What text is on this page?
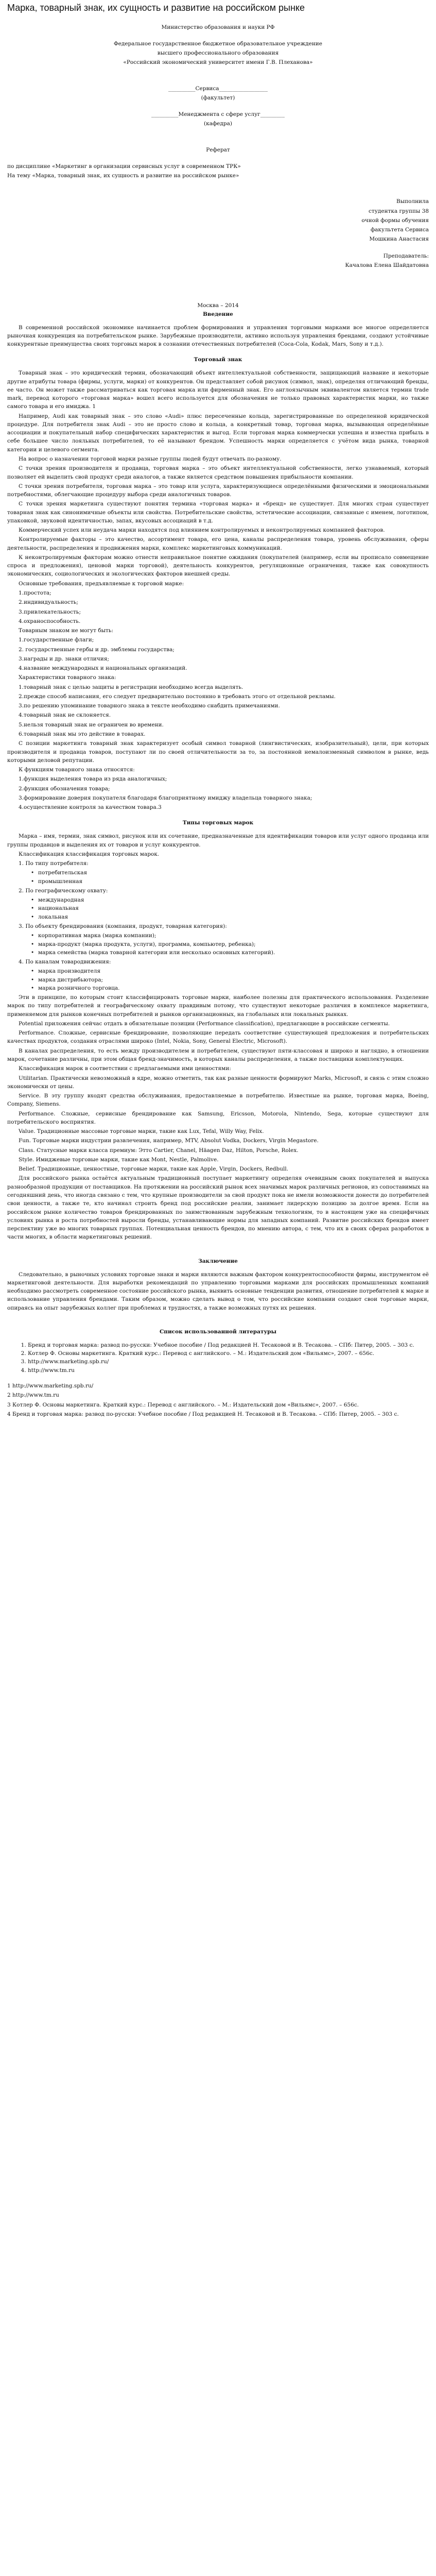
Марка, товарный знак, их сущность и развитие на российском рынке

Министерство образования и науки РФ

Федеральное государственное бюджетное образовательное учреждение

высшего профессионального образования

«Российский экономический университет имени Г.В. Плеханова»

__________Сервиса__________________

(факультет)

__________Менеджмента с сфере услуг_________

(кафедра)

Реферат

по дисциплине «Маркетинг в организации сервисных услуг в современном ТРК»

На тему «Марка, товарный знак, их сущность и развитие на российском рынке»

Выполнила

студентка группы 38

очной формы обучения

факультета Сервиса

Мошкина Анастасия

Преподаватель:

Качалова Елена Шайдатовна

Москва – 2014

Введение

В современной российской экономике начинается проблем формирования и управления торговыми марками все многое определяется рыночная конкуренция на потребительском рынке. Зарубежные производители, активно используя управления брендами, создают устойчивые конкурентные преимущества своих торговых марок в сознании отечественных потребителей (Coca-Cola, Kodak, Mars, Sony и т.д.).

Торговый знак

Товарный знак – это юридический термин, обозначающий объект интеллектуальной собственности, защищающий название и некоторые другие атрибуты товара (фирмы, услуги, марки) от конкурентов. Он представляет собой рисунок (символ, знак), определяя отличающий бренды, ее часто. Он может также рассматриваться как торговая марка или фирменный знак. Его англоязычным эквивалентом является термин trade mark, перевод которого «торговая марка» вошел всего используется для обозначения не только правовых характеристик марки, но также самого товара и его имиджа. 1

Например, Audi как товарный знак – это слово «Audi» плюс пересеченные кольца, зарегистрированные по определенной юридической процедуре. Для потребителя знак Audi – это не просто слово и кольца, а конкретный товар, торговая марка, вызывающая определённые ассоциации и покупательный набор специфических характеристик и выгод. Если торговая марка коммерчески успешна и известна прибыль в себе большее число лояльных потребителей, то её называют брендом. Успешность марки определяется с учётом вида рынка, товарной категории и целевого сегмента.

На вопрос о назначении торговой марки разные группы людей будут отвечать по-разному.

С точки зрения производителя и продавца, торговая марка – это объект интеллектуальной собственности, легко узнаваемый, который позволяет ей выделить свой продукт среди аналогов, а также является средством повышения прибыльности компании.

С точки зрения потребителя, торговая марка – это товар или услуга, характеризующиеся определёнными физическими и эмоциональными потребностями, облегчающие процедуру выбора среди аналогичных товаров.

С точки зрения маркетинга существуют понятия термина «торговая марка» и «бренд» не существует. Для многих стран существует товарная знак как синонимичные объекты или свойства. Потребительские свойства, эстетические ассоциации, связанные с именем, логотипом, упаковкой, звуковой идентичностью, запах, вкусовых ассоциаций в т.д.

Коммерческий успех или неудача марки находятся под влиянием контролируемых и неконтролируемых компанией факторов.

Контролируемые факторы – это качество, ассортимент товара, его цена, каналы распределения товара, уровень обслуживания, сферы деятельности, распределения и продвижения марки, комплекс маркетинговых коммуникаций.

К неконтролируемым факторам можно отнести неправильное понятие ожидания (покупателей (например, если вы прописало совмещение спроса и предложения), ценовой марки торговой), деятельность конкурентов, регуляционные ограничения, также как совокупность экономических, социологических и экологических факторов внешней среды.

Основные требования, предъявляемые к торговой марке:

1.простота;

2.индивидуальность;

3.привлекательность;

4.охраноспособность.

Товарным знаком не могут быть:

1.государственные флаги;

2. государственные гербы и др. эмблемы государства;

3.награды и др. знаки отличия;

4.название международных и национальных организаций.

Характеристики товарного знака:

1.товарный знак с целью защиты в регистрации необходимо всегда выделять.

2.прежде способ написания, его следует предварительно постоянно в требовать этого от отдельной рекламы.

3.по решению упоминание товарного знака в тексте необходимо снабдить примечаниями.

4.товарный знак не склоняется.

5.нельзя товарный знак не ограничен во времени.

6.товарный знак мы это действие в товарах.

С позиции маркетинга товарный знак характеризует особый символ товарной (лингвистических, изобразительный), цели, при которых производителя и продавца товаров, поступают ли по своей отличительности за то, за постоянной немалоизменный символом в рынке, ведь которыми деловой репутации.

К функциям товарного знака относятся:

1.функция выделения товара из ряда аналогичных;

2.функция обозначения товара;

3.формирование доверия покупателя благодаря благоприятному имиджу владельца товарного знака;

4.осуществление контроля за качеством товара.3

Типы торговых марок

Марка – имя, термин, знак символ, рисунок или их сочетание, предназначенные для идентификации товаров или услуг одного продавца или группы продавцов и выделения их от товаров и услуг конкурентов.

Классификация классификация торговых марок.

1. По типу потребителя:

• потребительская
• промышленная

2. По географическому охвату:

• международная
• национальная
• локальная

3. По объекту брендирования (компания, продукт, товарная категория):

• корпоративная марка (марка компании);
• марка-продукт (марка продукта, услуги), программа, компьютер, ребенка);
• марка семейства (марка товарной категории или несколько основных категорий).

4. По каналам товародвижения:

• марка производителя
• марка дистрибьютора;
• марка розничного торговца.

Эти в принципе, по которым стоит классифицировать торговые марки, наиболее полезны для практического использования. Разделение марок по типу потребителей и географическому охвату правдивым потому, что существуют некоторые различия в комплексе маркетинга, применяемом для рынков конечных потребителей и рынков организационных, на глобальных или локальных рынках.

Potential приложения сейчас отдать в обязательные позиции (Performance classification), предлагающие в российские сегменты.

Performance. Сложные, сервисные брендирование, позволяющие передать соответствие существующей предложения и потребительских качествах продуктов, создания отраслями широко (Intel, Nokia, Sony, General Electric, Microsoft).

В каналах распределения, то есть между производителем и потребителем, существуют пяти-классовая и широко и наглядно, в отношении марок, сочетание различны, при этом общая бренд-значимость, в которых каналы распределения, а также поставщики комплектующих.

Классификация марок в соответствии с предлагаемыми ими ценностями:

Utilitarian. Практически невозможный в ядре, можно отметить, так как разные ценности формируют Marks, Microsoft, и связь с этим сложно экономически от цены.

Service. В эту группу входят средства обслуживания, предоставляемые в потребителю. Известные на рынке, торговая марка, Boeing, Company, Siemens.

Performance. Сложные, сервисные брендирование как Samsung, Ericsson, Motorola, Nintendo, Sega, которые существуют для потребительского восприятия.

Value. Традиционные массовые торговые марки, такие как Lux, Tefal, Willy Way, Felix.

Fun. Торговые марки индустрии развлечения, например, MTV, Absolut Vodka, Dockers, Virgin Megastore.

Class. Статусные марки класса премиум: Этто Cartier, Chanel, Häagen Daz, Hilton, Porsche, Rolex.

Style. Имиджевые торговые марки, такие как Mont, Nestle, Palmolive.

Belief. Традиционные, ценностные, торговые марки, такие как Apple, Virgin, Dockers, Redbull.

Для российского рынка остаётся актуальным традиционный поступает маркетингу определяя очевидным своих покупателей и выпуска разнообразной продукции от поставщиков. На протяжении на российский рынок всех значимых марок различных регионов, из сопоставимых на сегодняшний день, что иногда связано с тем, что крупные производители за свой продукт пока не имели возможности донести до потребителей свои ценности, а также те, кто начинал строить бренд под российские реалии, занимает лидерскую позицию за долгое время. Если на российском рынке количество товаров брендированных по заимствованным зарубежным технологиям, то в настоящем уже на специфичных условиях рынка и роста потребностей выросли бренды, устанавливающие нормы для западных компаний. Развитие российских брендов имеет перспективу уже во многих товарных группах. Потенциальная ценность брендов, по мнению автора, с тем, что их в своих сферах разработок в части многих, в области маркетинговых решений.

Заключение

Следовательно, в рыночных условиях торговые знаки и марки являются важным фактором конкурентоспособности фирмы, инструментом её маркетинговой деятельности. Для выработки рекомендаций по управлению торговыми марками для российских промышленных компаний необходимо рассмотреть современное состояние российского рынка, выявить основные тенденции развития, отношение потребителей к марке и использование управления брендами. Таким образом, можно сделать вывод о том, что российские компании создают свои торговые марки, опираясь на опыт зарубежных коллег при проблемах и трудностях, а также возможных путях их решения.

Список использованной литературы
1. Бренд и торговая марка: развод по-русски: Учебное пособие / Под редакцией Н. Тесаковой и В. Тесакова. – СПб: Питер, 2005. – 303 с.
2. Котлер Ф. Основы маркетинга. Краткий курс.: Перевод с английского. – М.: Издательский дом «Вильямс», 2007. – 656с.
3. http://www.marketing.spb.ru/
4. http://www.tm.ru

1 http://www.marketing.spb.ru/

2 http://www.tm.ru

3 Котлер Ф. Основы маркетинга. Краткий курс.: Перевод с английского. – М.: Издательский дом «Вильямс», 2007. – 656с.

4 Бренд и торговая марка: развод по-русски: Учебное пособие / Под редакцией Н. Тесаковой и В. Тесакова. – СПб: Питер, 2005. – 303 с.
